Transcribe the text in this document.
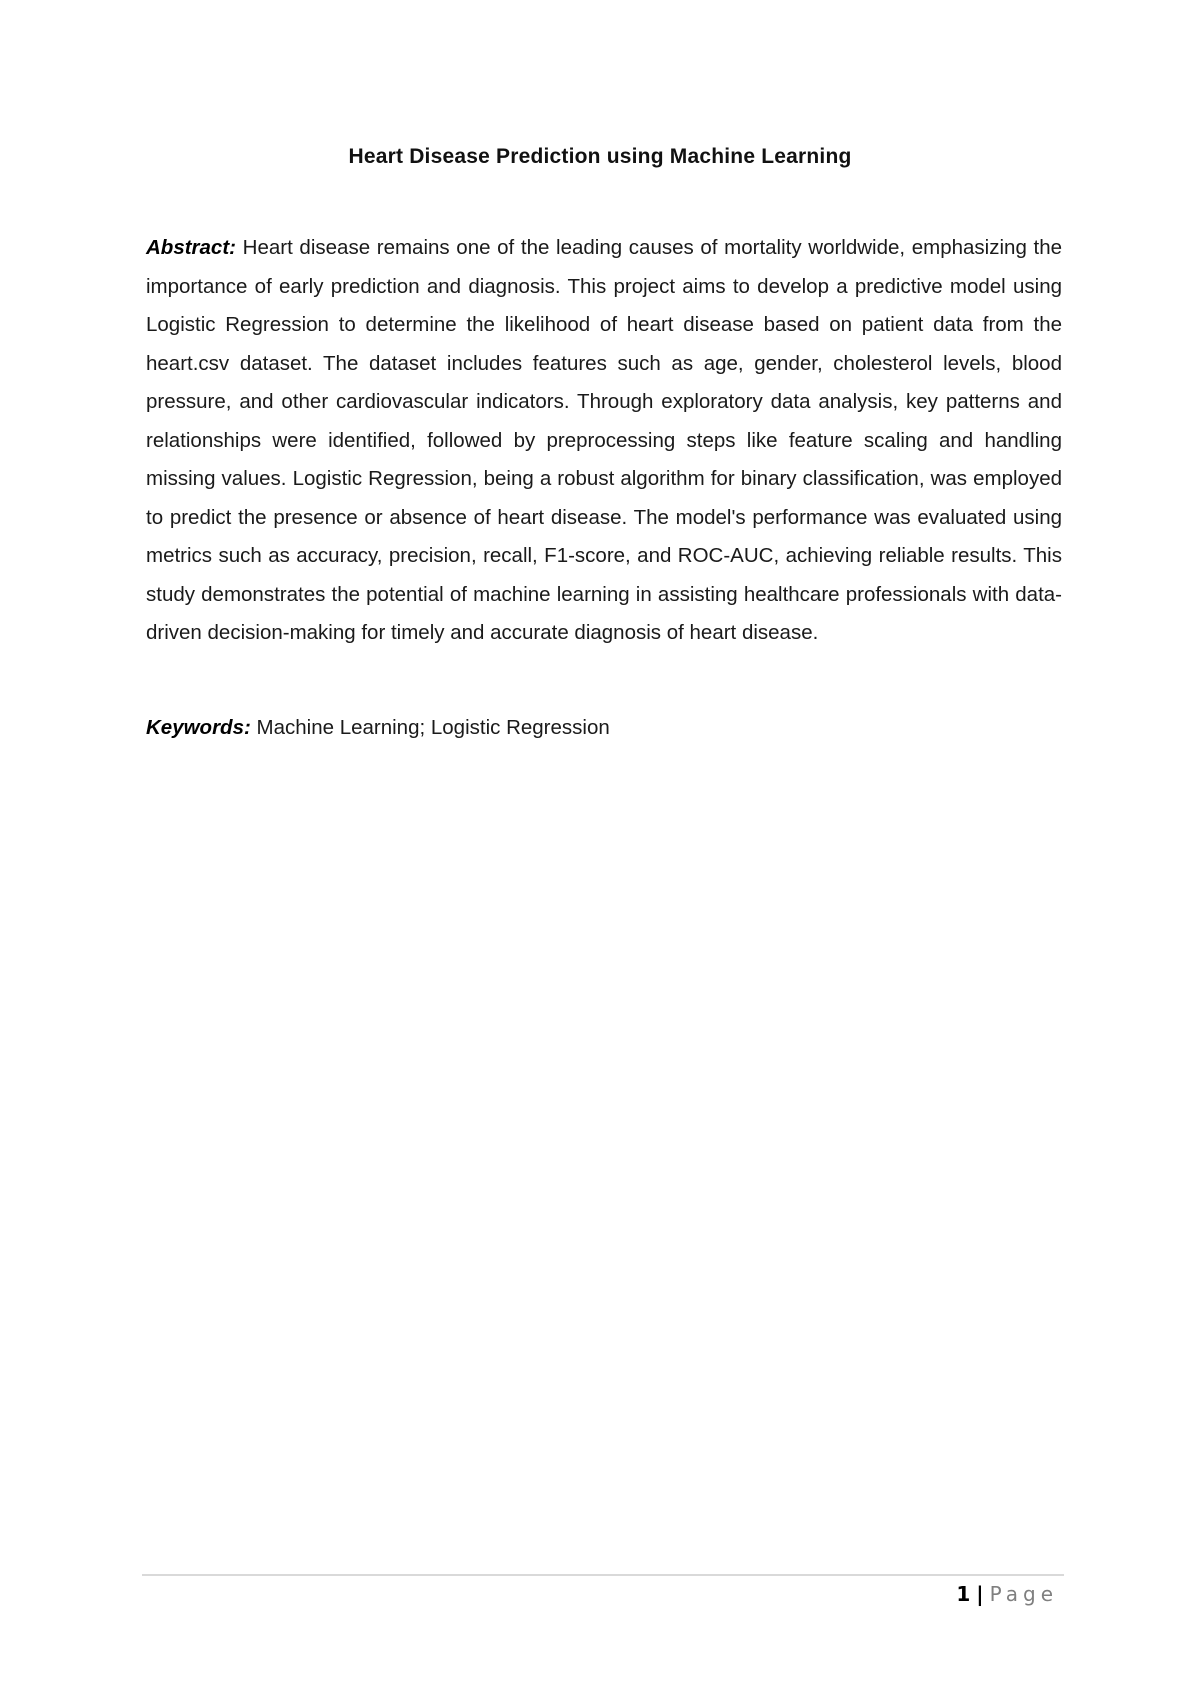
Heart Disease Prediction using Machine Learning

Abstract: Heart disease remains one of the leading causes of mortality worldwide, emphasizing the importance of early prediction and diagnosis. This project aims to develop a predictive model using Logistic Regression to determine the likelihood of heart disease based on patient data from the heart.csv dataset. The dataset includes features such as age, gender, cholesterol levels, blood pressure, and other cardiovascular indicators. Through exploratory data analysis, key patterns and relationships were identified, followed by preprocessing steps like feature scaling and handling missing values. Logistic Regression, being a robust algorithm for binary classification, was employed to predict the presence or absence of heart disease. The model's performance was evaluated using metrics such as accuracy, precision, recall, F1-score, and ROC-AUC, achieving reliable results. This study demonstrates the potential of machine learning in assisting healthcare professionals with data-driven decision-making for timely and accurate diagnosis of heart disease.

Keywords: Machine Learning; Logistic Regression

1 | Page
